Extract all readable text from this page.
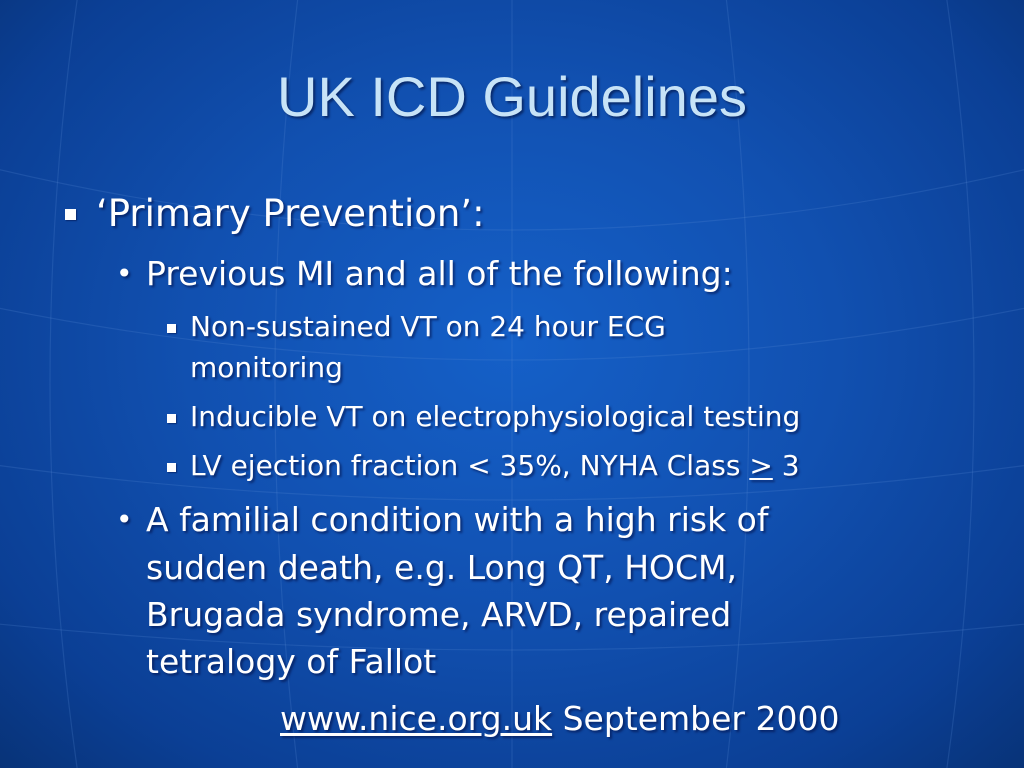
UK ICD Guidelines
‘Primary Prevention’:
• Previous MI and all of the following:
Non-sustained VT on 24 hour ECG
monitoring
Inducible VT on electrophysiological testing
LV ejection fraction < 35%, NYHA Class ≥ 3
• A familial condition with a high risk of
sudden death, e.g. Long QT, HOCM,
Brugada syndrome, ARVD, repaired
tetralogy of Fallot
www.nice.org.uk September 2000
